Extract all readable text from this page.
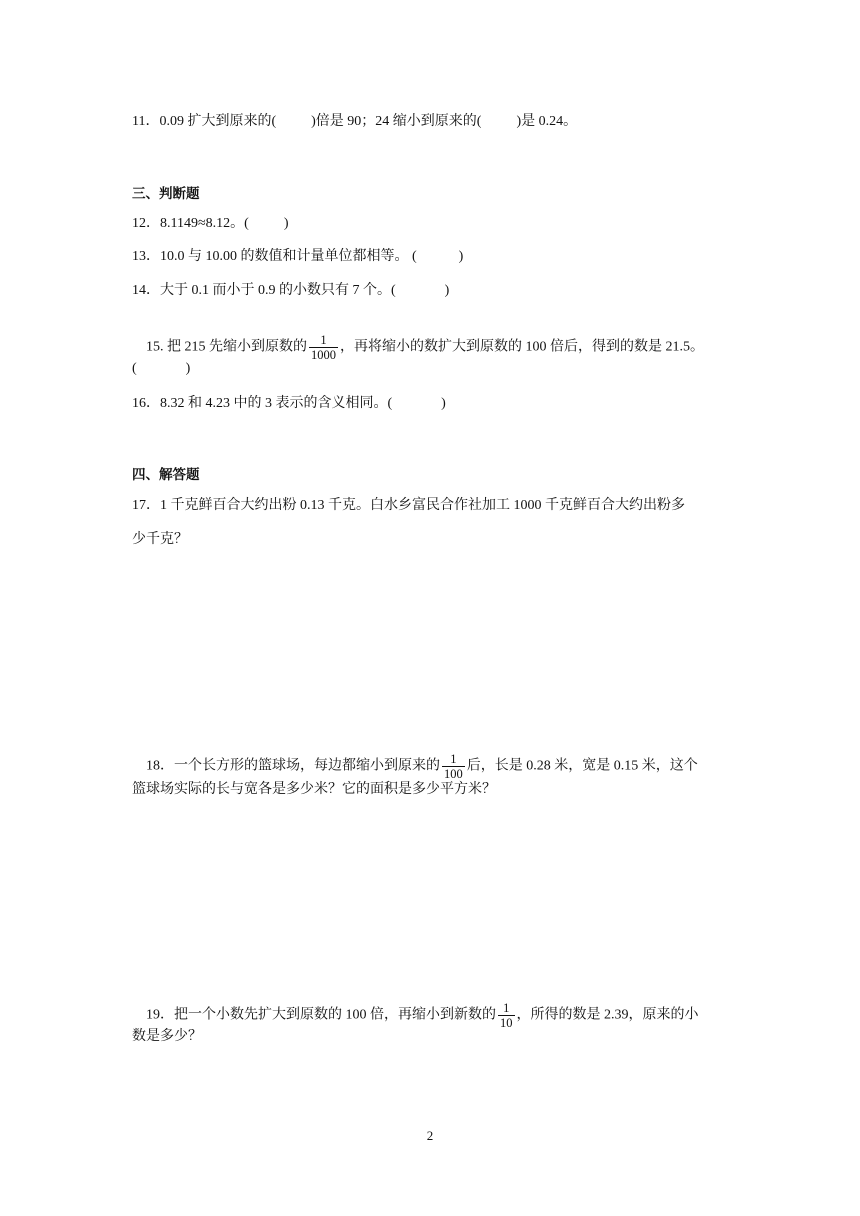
11．0.09 扩大到原来的(          )倍是 90；24 缩小到原来的(          )是 0.24。
三、判断题
12．8.1149≈8.12。(          )
13．10.0 与 10.00 的数值和计量单位都相等。 (            )
14．大于 0.1 而小于 0.9 的小数只有 7 个。(              )

15. 把 215 先缩小到原数的 $\frac{1}{1000}$ ，再将缩小的数扩大到原数的 100 倍后，得到的数是 21.5。

(              )
16．8.32 和 4.23 中的 3 表示的含义相同。(              )
四、解答题
17．1 千克鲜百合大约出粉 0.13 千克。白水乡富民合作社加工 1000 千克鲜百合大约出粉多
少千克？

18．一个长方形的篮球场，每边都缩小到原来的 $\frac{1}{100}$ 后，长是 0.28 米，宽是 0.15 米，这个

篮球场实际的长与宽各是多少米？它的面积是多少平方米？

19．把一个小数先扩大到原数的 100 倍，再缩小到新数的 $\frac{1}{10}$ ，所得的数是 2.39，原来的小

数是多少？
2
